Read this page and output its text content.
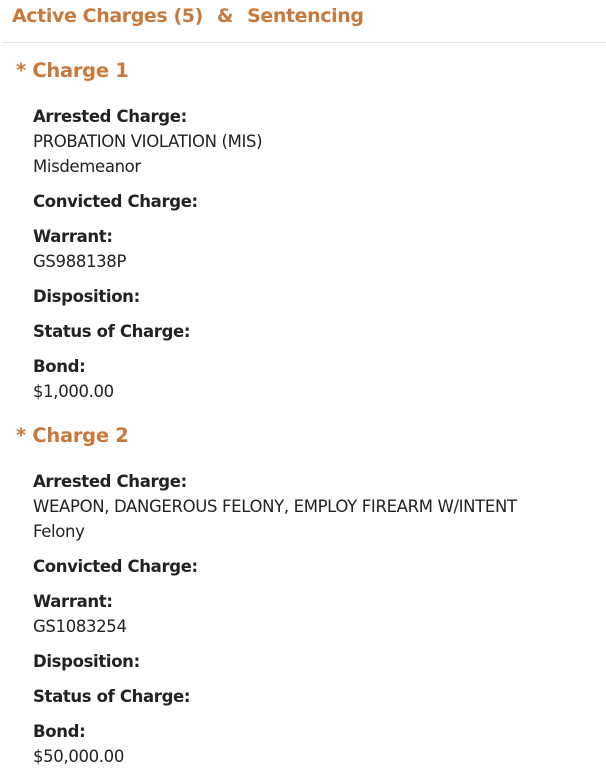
Active Charges (5) & Sentencing
* Charge 1
Arrested Charge:
PROBATION VIOLATION (MIS)
Misdemeanor
Convicted Charge:
Warrant:
GS988138P
Disposition:
Status of Charge:
Bond:
$1,000.00
* Charge 2
Arrested Charge:
WEAPON, DANGEROUS FELONY, EMPLOY FIREARM W/INTENT
Felony
Convicted Charge:
Warrant:
GS1083254
Disposition:
Status of Charge:
Bond:
$50,000.00
